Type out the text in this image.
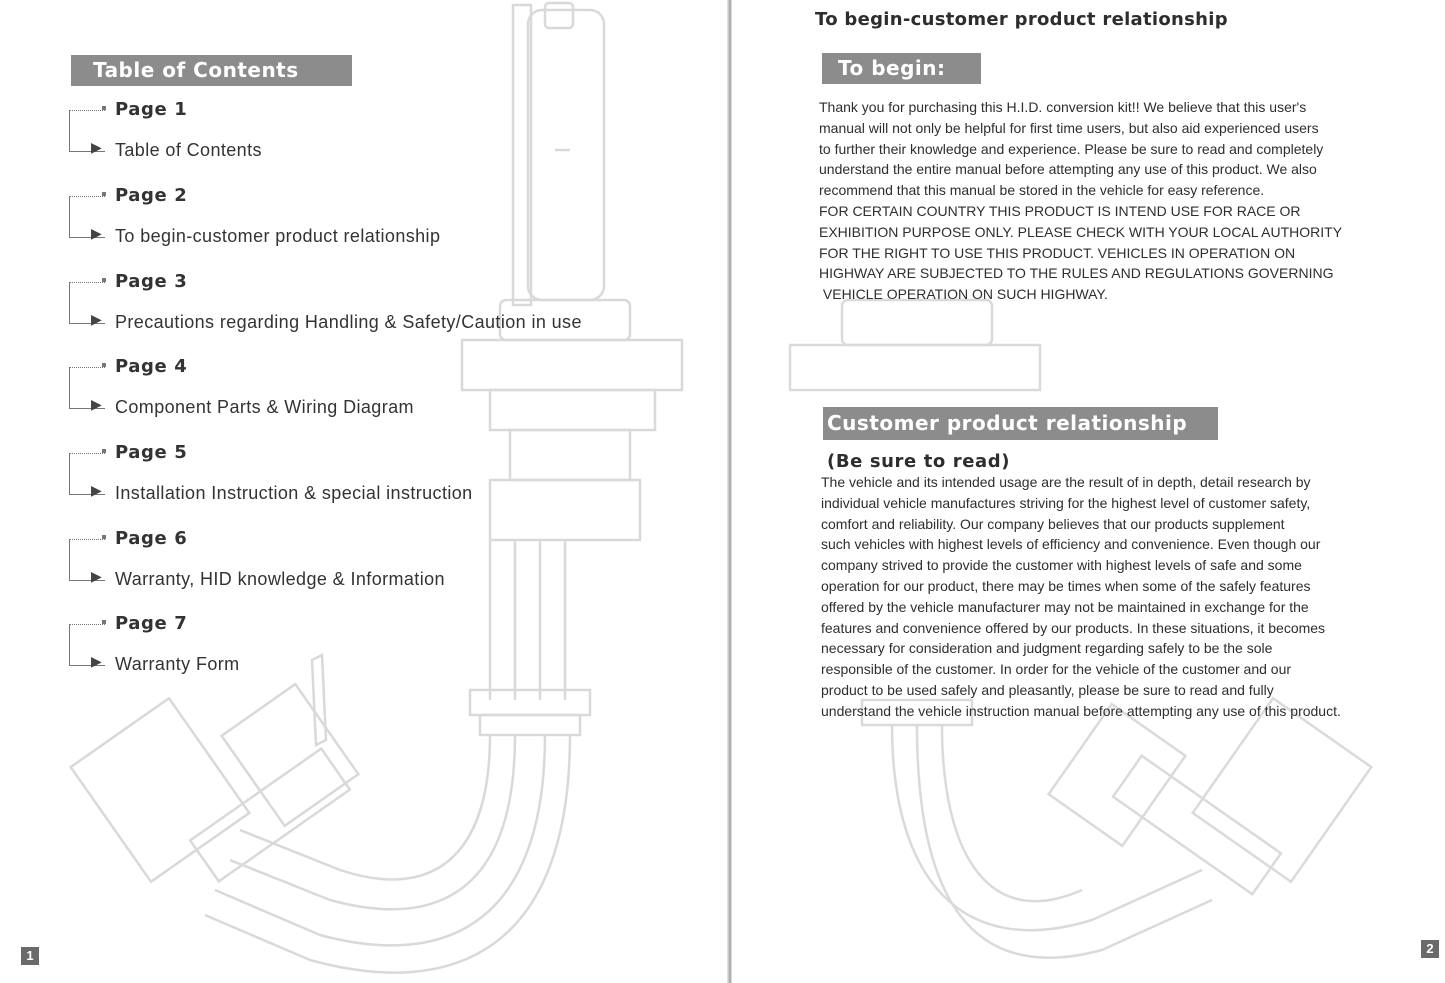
Table of Contents
▶
Page 1
Table of Contents
▶
Page 2
To begin-customer product relationship
▶
Page 3
Precautions regarding Handling & Safety/Caution in use
▶
Page 4
Component Parts & Wiring Diagram
▶
Page 5
Installation Instruction & special instruction
▶
Page 6
Warranty, HID knowledge & Information
▶
Page 7
Warranty Form
1
To begin-customer product relationship
To begin:
Thank you for purchasing this H.I.D. conversion kit!! We believe that this user's
manual will not only be helpful for first time users, but also aid experienced users
to further their knowledge and experience. Please be sure to read and completely
understand the entire manual before attempting any use of this product. We also
recommend that this manual be stored in the vehicle for easy reference.
FOR CERTAIN COUNTRY THIS PRODUCT IS INTEND USE FOR RACE OR
EXHIBITION PURPOSE ONLY. PLEASE CHECK WITH YOUR LOCAL AUTHORITY
FOR THE RIGHT TO USE THIS PRODUCT. VEHICLES IN OPERATION ON
HIGHWAY ARE SUBJECTED TO THE RULES AND REGULATIONS GOVERNING
VEHICLE OPERATION ON SUCH HIGHWAY.
Customer product relationship
(Be sure to read)
The vehicle and its intended usage are the result of in depth, detail research by
individual vehicle manufactures striving for the highest level of customer safety,
comfort and reliability. Our company believes that our products supplement
such vehicles with highest levels of efficiency and convenience. Even though our
company strived to provide the customer with highest levels of safe and some
operation for our product, there may be times when some of the safely features
offered by the vehicle manufacturer may not be maintained in exchange for the
features and convenience offered by our products. In these situations, it becomes
necessary for consideration and judgment regarding safely to be the sole
responsible of the customer. In order for the vehicle of the customer and our
product to be used safely and pleasantly, please be sure to read and fully
understand the vehicle instruction manual before attempting any use of this product.
2
